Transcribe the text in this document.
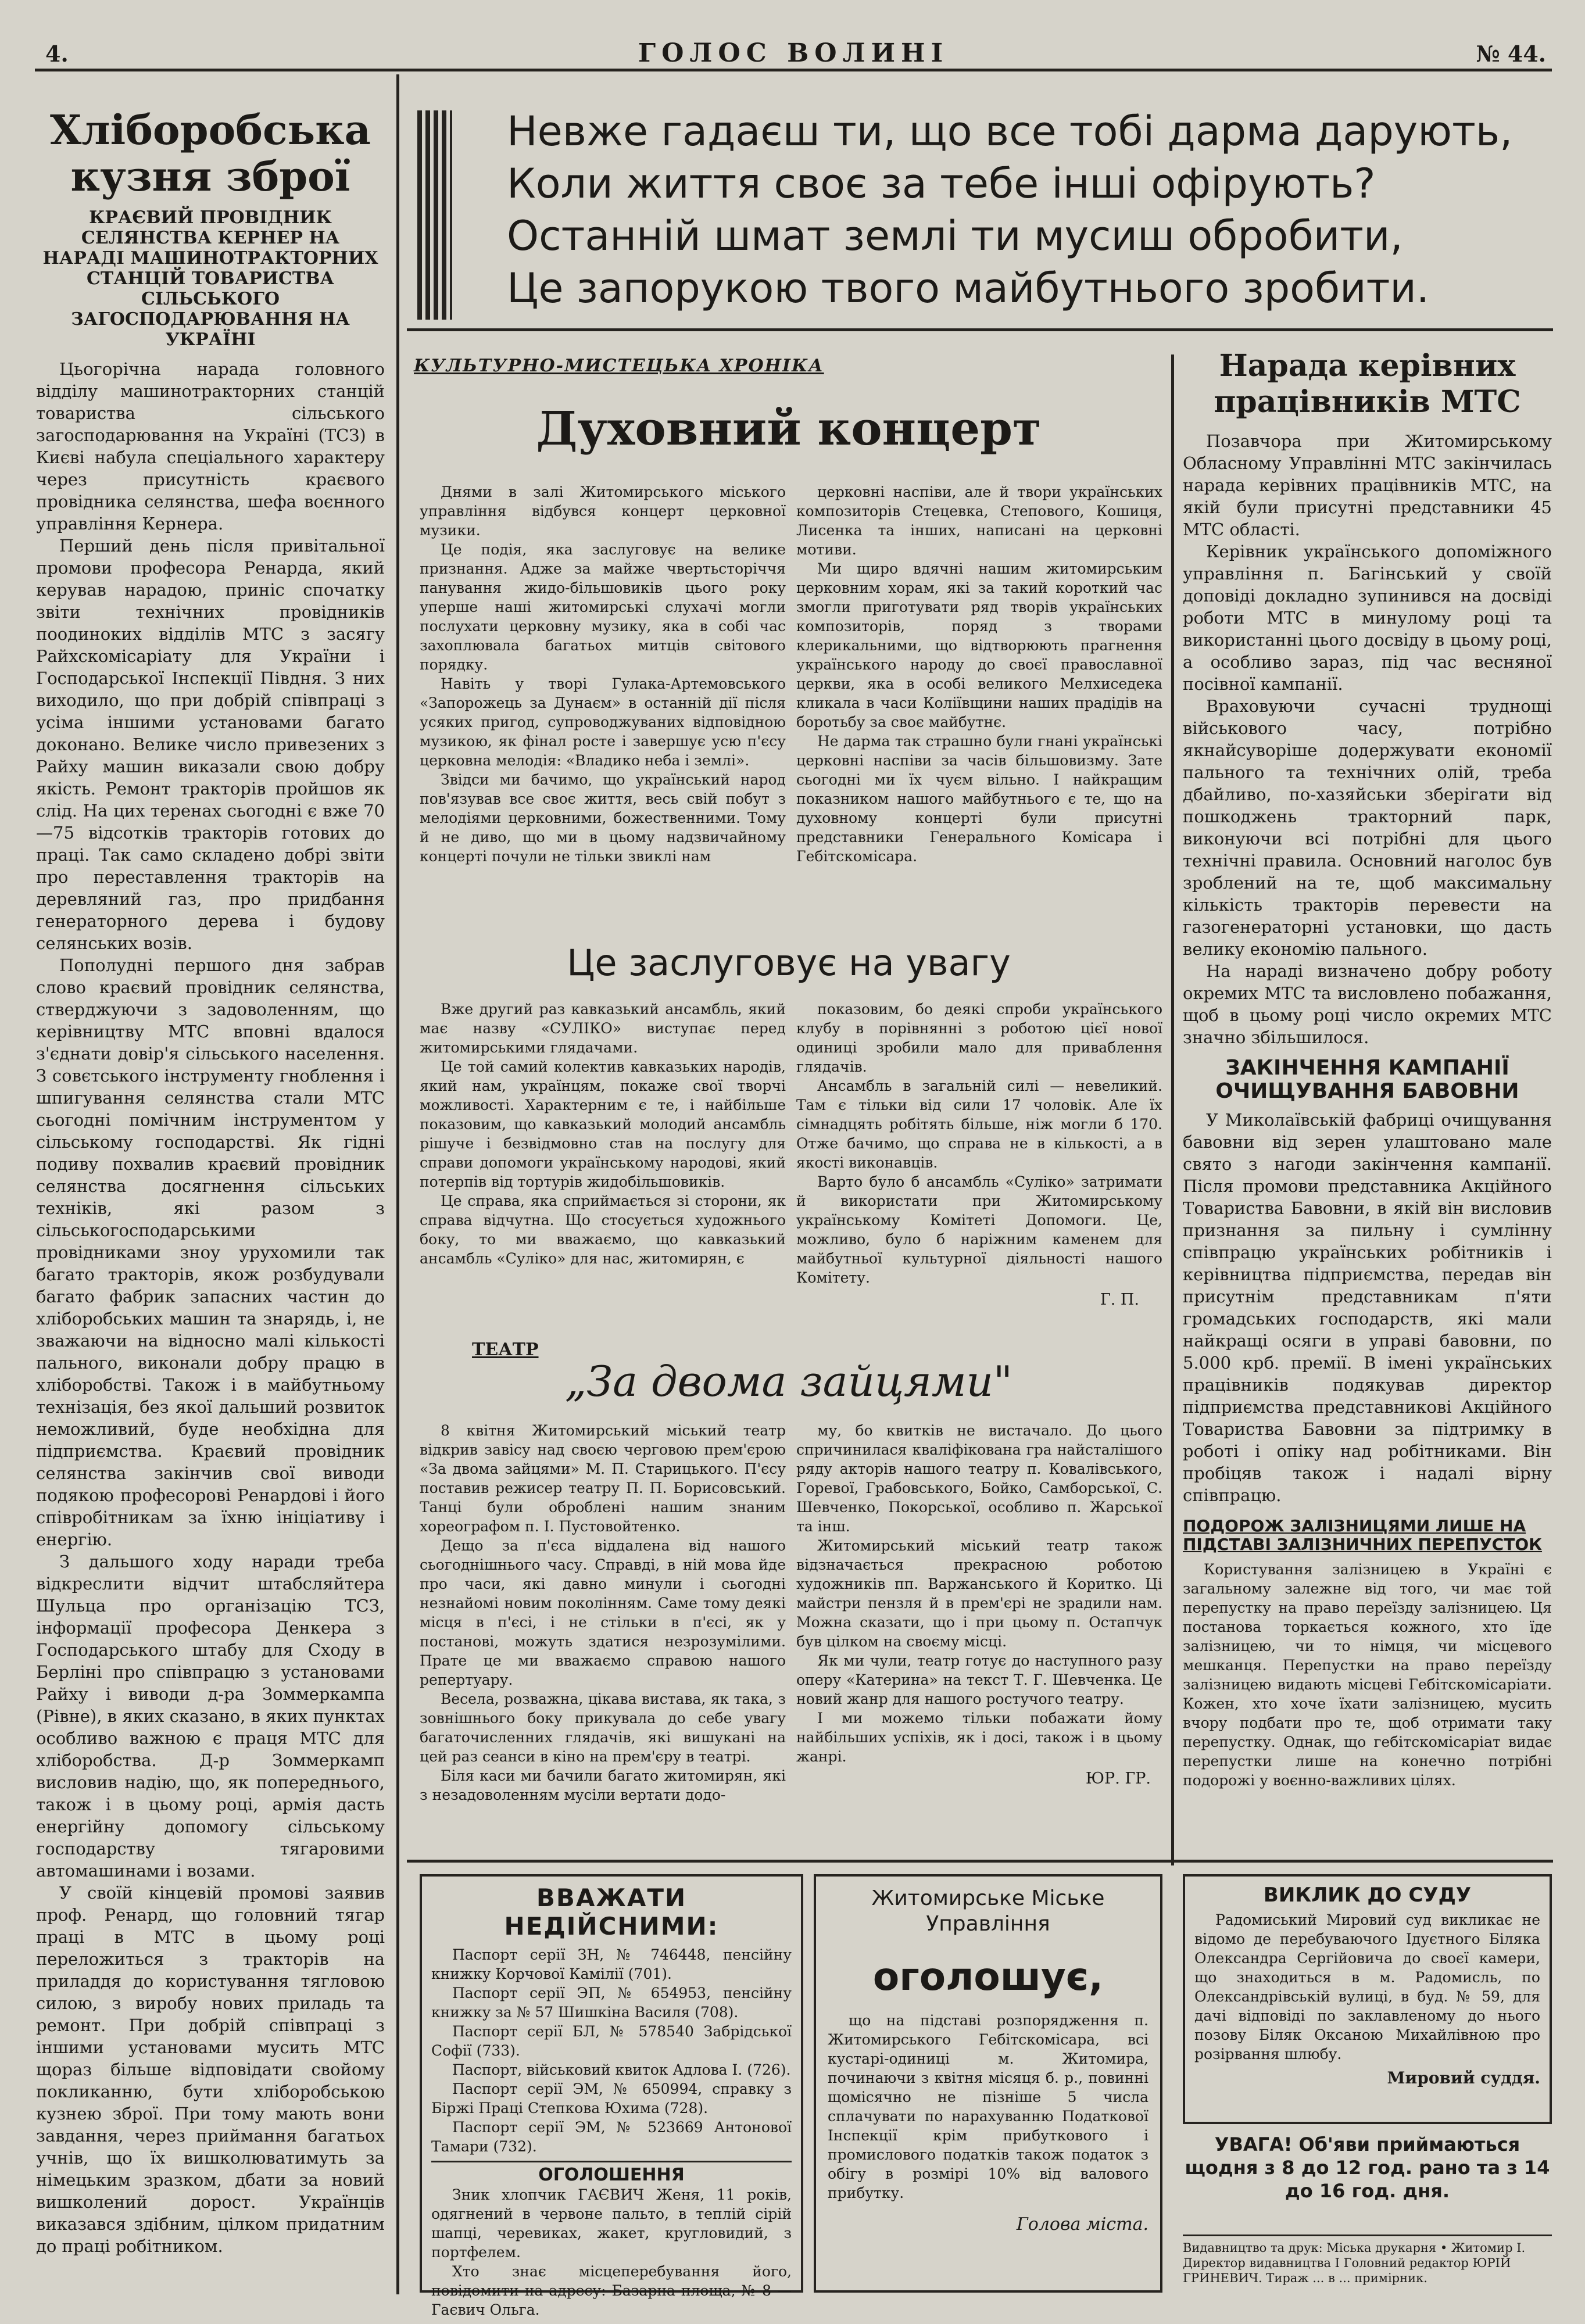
4.	ГОЛОС ВОЛИНІ	№ 44.
Хліборобська
кузня зброї
КРАЄВИЙ ПРОВІДНИК СЕЛЯНСТВА КЕРНЕР НА НАРАДІ МАШИНОТРАКТОРНИХ СТАНЦІЙ ТОВАРИСТВА СІЛЬСЬКОГО ЗАГОСПОДАРЮВАННЯ НА УКРАЇНІ

Цьогорічна нарада головного відділу машинотракторних станцій товариства сільського загосподарювання на Україні (ТСЗ) в Києві набула спеціального характеру через присутність краєвого провідника селянства, шефа воєнного управління Кернера.

Перший день після привітальної промови професора Ренарда, який керував нарадою, приніс спочатку звіти технічних провідників поодиноких відділів МТС з засягу Райхскомісаріату для України і Господарської Інспекції Півдня. З них виходило, що при добрій співпраці з усіма іншими установами багато доконано. Велике число привезених з Райху машин виказали свою добру якість. Ремонт тракторів пройшов як слід. На цих теренах сьогодні є вже 70—75 відсотків тракторів готових до праці. Так само складено добрі звіти про переставлення тракторів на деревляний газ, про придбання генераторного дерева і будову селянських возів.

Пополудні першого дня забрав слово краєвий провідник селянства, стверджуючи з задоволенням, що керівництву МТС вповні вдалося з'єднати довір'я сільського населення. З совєтського інструменту гноблення і шпигування селянства стали МТС сьогодні помічним інструментом у сільському господарстві. Як гідні подиву похвалив краєвий провідник селянства досягнення сільських техніків, які разом з сільськогосподарськими провідниками зноу урухомили так багато тракторів, якож розбудували багато фабрик запасних частин до хліборобських машин та знарядь, і, не зважаючи на відносно малі кількості пального, виконали добру працю в хліборобстві. Також і в майбутньому технізація, без якої дальший розвиток неможливий, буде необхідна для підприємства. Краєвий провідник селянства закінчив свої виводи подякою професорові Ренардові і його співробітникам за їхню ініціативу і енергію.

З дальшого ходу наради треба відкреслити відчит штабсляйтера Шульца про організацію ТСЗ, інформації професора Денкера з Господарського штабу для Сходу в Берліні про співпрацю з установами Райху і виводи д-ра Зоммеркампа (Рівне), в яких сказано, в яких пунктах особливо важною є праця МТС для хліборобства. Д-р Зоммеркамп висловив надію, що, як попереднього, також і в цьому році, армія дасть енергійну допомогу сільському господарству тягаровими автомашинами і возами.

У своїй кінцевій промові заявив проф. Ренард, що головний тягар праці в МТС в цьому році переложиться з тракторів на приладдя до користування тягловою силою, з виробу нових приладь та ремонт. При добрій співпраці з іншими установами мусить МТС щораз більше відповідати свойому покликанню, бути хліборобською кузнею зброї. При тому мають вони завдання, через приймання багатьох учнів, що їх вишколюватимуть за німецьким зразком, дбати за новий вишколений дорост. Українців виказався здібним, цілком придатним до праці робітником.

Невже гадаєш ти, що все тобі дарма дарують,
Коли життя своє за тебе інші офірують?
Останній шмат землі ти мусиш обробити,
Це запорукою твого майбутнього зробити.
КУЛЬТУРНО-МИСТЕЦЬКА ХРОНІКА
Духовний концерт

Днями в залі Житомирського міського управління відбувся концерт церковної музики.

Це подія, яка заслуговує на велике признання. Адже за майже чвертьсторіччя панування жидо-більшовиків цього року уперше наші житомирські слухачі могли послухати церковну музику, яка в собі час захоплювала багатьох митців світового порядку.

Навіть у творі Гулака-Артемовського «Запорожець за Дунаєм» в останній дії після усяких пригод, супроводжуваних відповідною музикою, як фінал росте і завершує усю п'єсу церковна мелодія: «Владико неба і землі».

Звідси ми бачимо, що український народ пов'язував все своє життя, весь свій побут з мелодіями церковними, божественними. Тому й не диво, що ми в цьому надзвичайному концерті почули не тільки звиклі нам

церковні наспіви, але й твори українських композиторів Стецевка, Степового, Кошиця, Лисенка та інших, написані на церковні мотиви.

Ми щиро вдячні нашим житомирським церковним хорам, які за такий короткий час змогли приготувати ряд творів українських композиторів, поряд з творами клерикальними, що відтворюють прагнення українського народу до своєї православної церкви, яка в особі великого Мелхиседека кликала в часи Коліївщини наших прадідів на боротьбу за своє майбутнє.

Не дарма так страшно були гнані українські церковні наспіви за часів більшовизму. Зате сьогодні ми їх чуєм вільно. І найкращим показником нашого майбутнього є те, що на духовному концерті були присутні представники Генерального Комісара і Гебітскомісара.

Це заслуговує на увагу

Вже другий раз кавказький ансамбль, який має назву «СУЛІКО» виступає перед житомирськими глядачами.

Це той самий колектив кавказьких народів, який нам, українцям, покаже свої творчі можливості. Характерним є те, і найбільше показовим, що кавказький молодий ансамбль рішуче і безвідмовно став на послугу для справи допомоги українському народові, який потерпів від тортурів жидобільшовиків.

Це справа, яка сприймається зі сторони, як справа відчутна. Що стосується художнього боку, то ми вважаємо, що кавказький ансамбль «Суліко» для нас, житомирян, є

показовим, бо деякі спроби українського клубу в порівнянні з роботою цієї нової одиниці зробили мало для приваблення глядачів.

Ансамбль в загальній силі — невеликий. Там є тільки від сили 17 чоловік. Але їх сімнадцять робітять більше, ніж могли б 170. Отже бачимо, що справа не в кількості, а в якості виконавців.

Варто було б ансамбль «Суліко» затримати й використати при Житомирському українському Комітеті Допомоги. Це, можливо, було б наріжним каменем для майбутньої культурної діяльності нашого Комітету.

Г. П.
ТЕАТР
„За двома зайцями"

8 квітня Житомирський міський театр відкрив завісу над своєю черговою прем'єрою «За двома зайцями» М. П. Старицького. П'єсу поставив режисер театру П. П. Борисовський. Танці були оброблені нашим знаним хореографом п. І. Пустовойтенко.

Дещо за п'єса віддалена від нашого сьогоднішнього часу. Справді, в ній мова йде про часи, які давно минули і сьогодні незнайомі новим поколінням. Саме тому деякі місця в п'єсі, і не стільки в п'єсі, як у постанові, можуть здатися незрозумілими. Прате це ми вважаємо справою нашого репертуару.

Весела, розважна, цікава вистава, як така, з зовнішнього боку прикувала до себе увагу багаточисленних глядачів, які вишукані на цей раз сеанси в кіно на прем'єру в театрі.

Біля каси ми бачили багато житомирян, які з незадоволенням мусіли вертати додо-

му, бо квитків не вистачало. До цього спричинилася кваліфікована гра найсталішого ряду акторів нашого театру п. Ковалівського, Горевої, Грабовського, Бойко, Самборської, С. Шевченко, Покорської, особливо п. Жарської та інш.

Житомирський міський театр також відзначається прекрасною роботою художників пп. Варжанського й Коритко. Ці майстри пензля й в прем'єрі не зрадили нам. Можна сказати, що і при цьому п. Остапчук був цілком на своєму місці.

Як ми чули, театр готує до наступного разу оперу «Катерина» на текст Т. Г. Шевченка. Це новий жанр для нашого ростучого театру.

І ми можемо тільки побажати йому найбільших успіхів, як і досі, також і в цьому жанрі.

ЮР. ГР.
Нарада керівних
працівників МТС

Позавчора при Житомирському Обласному Управлінні МТС закінчилась нарада керівних працівників МТС, на якій були присутні представники 45 МТС області.

Керівник українського допоміжного управління п. Багінський у своїй доповіді докладно зупинився на досвіді роботи МТС в минулому році та використанні цього досвіду в цьому році, а особливо зараз, під час весняної посівної кампанії.

Враховуючи сучасні труднощі військового часу, потрібно якнайсуворіше додержувати економії пального та технічних олій, треба дбайливо, по-хазяйськи зберігати від пошкоджень тракторний парк, виконуючи всі потрібні для цього технічні правила. Основний наголос був зроблений на те, щоб максимальну кількість тракторів перевести на газогенераторні установки, що дасть велику економію пального.

На нараді визначено добру роботу окремих МТС та висловлено побажання, щоб в цьому році число окремих МТС значно збільшилося.

ЗАКІНЧЕННЯ КАМПАНІЇ ОЧИЩУВАННЯ БАВОВНИ

У Миколаївській фабриці очищування бавовни від зерен улаштовано мале свято з нагоди закінчення кампанії. Після промови представника Акційного Товариства Бавовни, в якій він висловив признання за пильну і сумлінну співпрацю українських робітників і керівництва підприємства, передав він присутнім представникам п'яти громадських господарств, які мали найкращі осяги в управі бавовни, по 5.000 крб. премії. В імені українських працівників подякував директор підприємства представникові Акційного Товариства Бавовни за підтримку в роботі і опіку над робітниками. Він пробіцяв також і надалі вірну співпрацю.

ПОДОРОЖ ЗАЛІЗНИЦЯМИ ЛИШЕ НА ПІДСТАВІ ЗАЛІЗНИЧНИХ ПЕРЕПУСТОК

Користування залізницею в Україні є загальному залежне від того, чи має той перепустку на право переїзду залізницею. Ця постанова торкається кожного, хто їде залізницею, чи то німця, чи місцевого мешканця. Перепустки на право переїзду залізницею видають місцеві Гебітскомісаріати. Кожен, хто хоче їхати залізницею, мусить вчору подбати про те, щоб отримати таку перепустку. Однак, що гебітскомісаріат видає перепустки лише на конечно потрібні подорожі у воєнно-важливих цілях.

ВВАЖАТИ НЕДІЙСНИМИ:

Паспорт серії ЗН, № 746448, пенсійну книжку Корчової Камілії (701).

Паспорт серії ЭП, № 654953, пенсійну книжку за № 57 Шишкіна Василя (708).

Паспорт серії БЛ, № 578540 Забрідської Софії (733).

Паспорт, військовий квиток Адлова І. (726).

Паспорт серії ЭМ, № 650994, справку з Біржі Праці Степкова Юхима (728).

Паспорт серії ЭМ, № 523669 Антонової Тамари (732).

ОГОЛОШЕННЯ

Зник хлопчик ГАЄВИЧ Женя, 11 років, одягнений в червоне пальто, в теплій сірій шапці, черевиках, жакет, кругловидий, з портфелем.

Хто знає місцеперебування його, повідомити на адресу: Базарна площа, № 8 — Гаєвич Ольга.

Житомирське Міське
Управління
оголошує,

що на підставі розпорядження п. Житомирського Гебітскомісара, всі кустарі-одиниці м. Житомира, починаючи з квітня місяця б. р., повинні щомісячно не пізніше 5 числа сплачувати по нарахуванню Податкової Інспекції крім прибуткового і промислового податків також податок з обігу в розмірі 10% від валового прибутку.

Голова міста.
ВИКЛИК ДО СУДУ

Радомиський Мировий суд викликає не відомо де перебуваючого Ідуєтного Біляка Олександра Сергійовича до своєї камери, що знаходиться в м. Радомисль, по Олександрівській вулиці, в буд. № 59, для дачі відповіді по заклавленому до нього позову Біляк Оксаною Михайлівною про розірвання шлюбу.

Мировий суддя.
УВАГА! Об'яви приймаються щодня з 8 до 12 год. рано та з 14 до 16 год. дня.
Видавництво та друк: Міська друкарня • Житомир І. Директор видавництва І Головний редактор ЮРІЙ ГРИНЕВИЧ. Тираж ... в ... примірник.
